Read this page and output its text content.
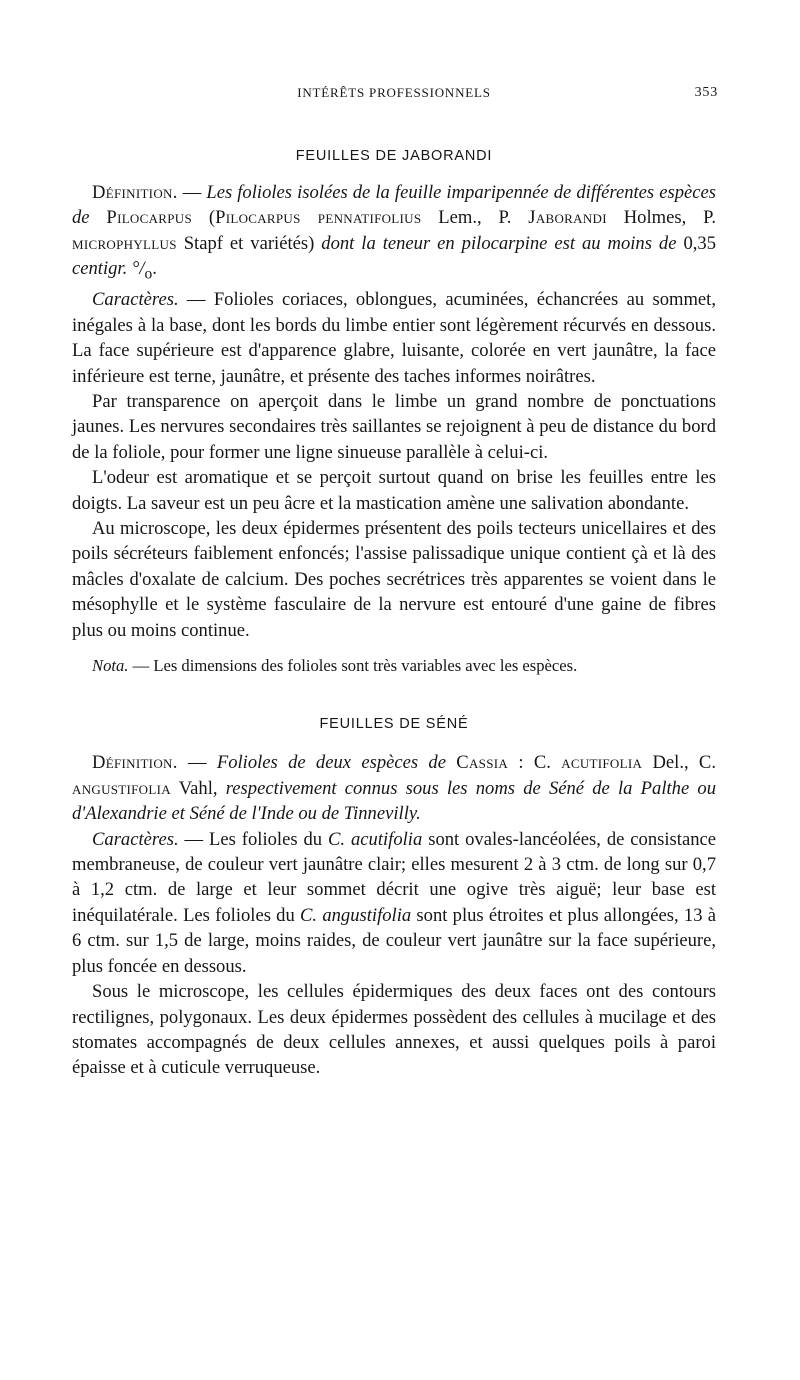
INTÉRÊTS PROFESSIONNELS	353
FEUILLES DE JABORANDI

Définition. — Les folioles isolées de la feuille imparipennée de différentes espèces de Pilocarpus (Pilocarpus pennatifolius Lem., P. Jaborandi Holmes, P. microphyllus Stapf et variétés) dont la teneur en pilocarpine est au moins de 0,35 centigr. $^\circ/_o$.

Caractères. — Folioles coriaces, oblongues, acuminées, échancrées au sommet, inégales à la base, dont les bords du limbe entier sont légèrement récurvés en dessous. La face supérieure est d'apparence glabre, luisante, colorée en vert jaunâtre, la face inférieure est terne, jaunâtre, et présente des taches informes noirâtres.

Par transparence on aperçoit dans le limbe un grand nombre de ponctuations jaunes. Les nervures secondaires très saillantes se rejoignent à peu de distance du bord de la foliole, pour former une ligne sinueuse parallèle à celui-ci.

L'odeur est aromatique et se perçoit surtout quand on brise les feuilles entre les doigts. La saveur est un peu âcre et la mastication amène une salivation abondante.

Au microscope, les deux épidermes présentent des poils tecteurs unicellaires et des poils sécréteurs faiblement enfoncés; l'assise palissadique unique contient çà et là des mâcles d'oxalate de calcium. Des poches secrétrices très apparentes se voient dans le mésophylle et le système fasculaire de la nervure est entouré d'une gaine de fibres plus ou moins continue.

Nota. — Les dimensions des folioles sont très variables avec les espèces.

FEUILLES DE SÉNÉ

Définition. — Folioles de deux espèces de Cassia : C. acutifolia Del., C. angustifolia Vahl, respectivement connus sous les noms de Séné de la Palthe ou d'Alexandrie et Séné de l'Inde ou de Tinnevilly.

Caractères. — Les folioles du C. acutifolia sont ovales-lancéolées, de consistance membraneuse, de couleur vert jaunâtre clair; elles mesurent 2 à 3 ctm. de long sur 0,7 à 1,2 ctm. de large et leur sommet décrit une ogive très aiguë; leur base est inéquilatérale. Les folioles du C. angustifolia sont plus étroites et plus allongées, 13 à 6 ctm. sur 1,5 de large, moins raides, de couleur vert jaunâtre sur la face supérieure, plus foncée en dessous.

Sous le microscope, les cellules épidermiques des deux faces ont des contours rectilignes, polygonaux. Les deux épidermes possèdent des cellules à mucilage et des stomates accompagnés de deux cellules annexes, et aussi quelques poils à paroi épaisse et à cuticule verruqueuse.
